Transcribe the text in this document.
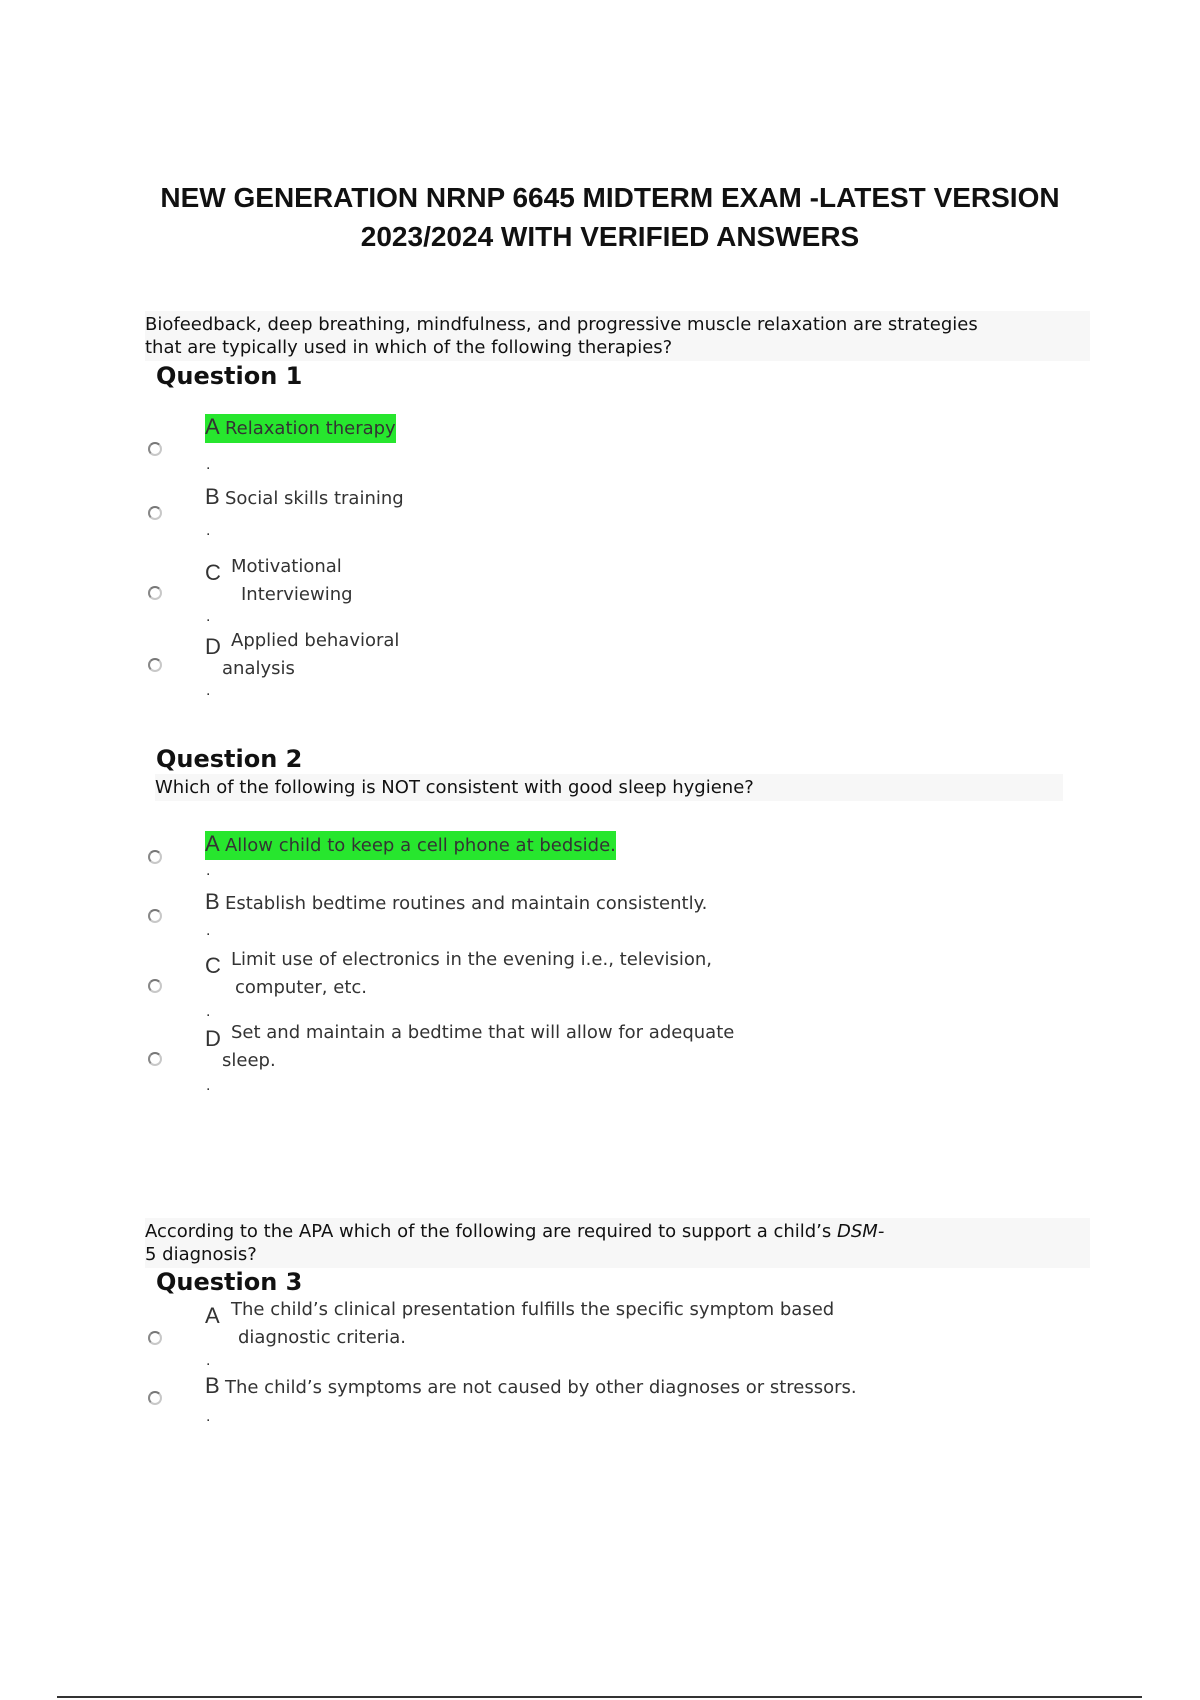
NEW GENERATION NRNP 6645 MIDTERM EXAM -LATEST VERSION
2023/2024 WITH VERIFIED ANSWERS
Biofeedback, deep breathing, mindfulness, and progressive muscle relaxation are strategies
that are typically used in which of the following therapies?
Question 1
A Relaxation therapy
.
B Social skills training
.
C Motivational
Interviewing
.
D Applied behavioral
analysis
.
Question 2
Which of the following is NOT consistent with good sleep hygiene?
A Allow child to keep a cell phone at bedside.
.
B Establish bedtime routines and maintain consistently.
.
C Limit use of electronics in the evening i.e., television,
computer, etc.
.
D Set and maintain a bedtime that will allow for adequate
sleep.
.
According to the APA which of the following are required to support a child’s DSM-
5 diagnosis?
Question 3
A The child’s clinical presentation fulfills the specific symptom based
diagnostic criteria.
.
B The child’s symptoms are not caused by other diagnoses or stressors.
.
